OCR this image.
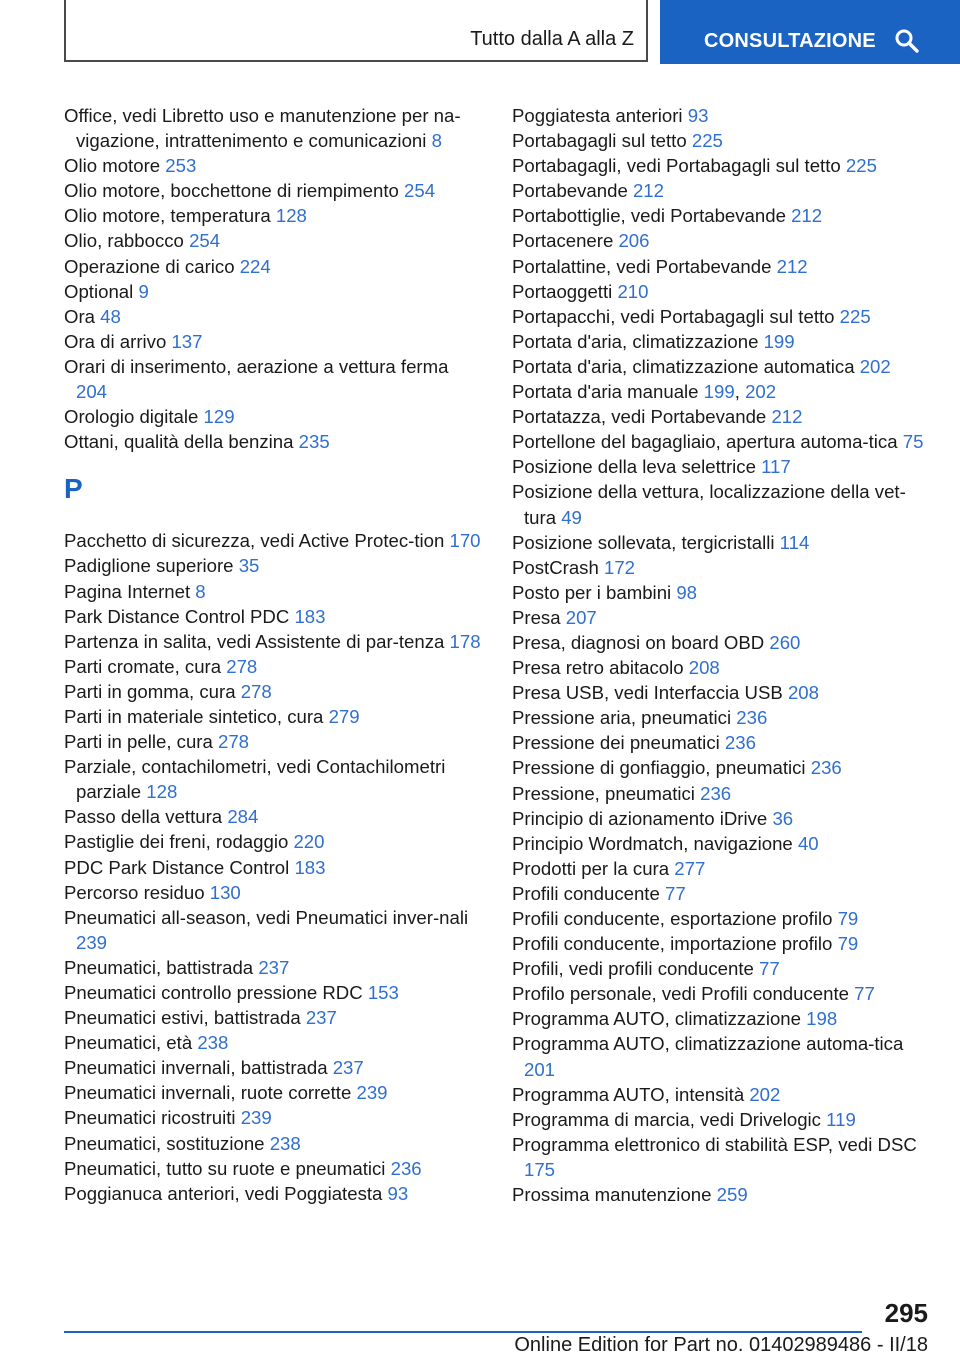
Tutto dalla A alla Z	CONSULTAZIONE

Office, vedi Libretto uso e manutenzione per na-vigazione, intrattenimento e comunicazioni 8

Olio motore 253

Olio motore, bocchettone di riempimento 254

Olio motore, temperatura 128

Olio, rabbocco 254

Operazione di carico 224

Optional 9

Ora 48

Ora di arrivo 137

Orari di inserimento, aerazione a vettura ferma 204

Orologio digitale 129

Ottani, qualità della benzina 235

P

Pacchetto di sicurezza, vedi Active Protec-tion 170

Padiglione superiore 35

Pagina Internet 8

Park Distance Control PDC 183

Partenza in salita, vedi Assistente di par-tenza 178

Parti cromate, cura 278

Parti in gomma, cura 278

Parti in materiale sintetico, cura 279

Parti in pelle, cura 278

Parziale, contachilometri, vedi Contachilometri parziale 128

Passo della vettura 284

Pastiglie dei freni, rodaggio 220

PDC Park Distance Control 183

Percorso residuo 130

Pneumatici all-season, vedi Pneumatici inver-nali 239

Pneumatici, battistrada 237

Pneumatici controllo pressione RDC 153

Pneumatici estivi, battistrada 237

Pneumatici, età 238

Pneumatici invernali, battistrada 237

Pneumatici invernali, ruote corrette 239

Pneumatici ricostruiti 239

Pneumatici, sostituzione 238

Pneumatici, tutto su ruote e pneumatici 236

Poggianuca anteriori, vedi Poggiatesta 93

Poggiatesta anteriori 93

Portabagagli sul tetto 225

Portabagagli, vedi Portabagagli sul tetto 225

Portabevande 212

Portabottiglie, vedi Portabevande 212

Portacenere 206

Portalattine, vedi Portabevande 212

Portaoggetti 210

Portapacchi, vedi Portabagagli sul tetto 225

Portata d'aria, climatizzazione 199

Portata d'aria, climatizzazione automatica 202

Portata d'aria manuale 199, 202

Portatazza, vedi Portabevande 212

Portellone del bagagliaio, apertura automa-tica 75

Posizione della leva selettrice 117

Posizione della vettura, localizzazione della vet-tura 49

Posizione sollevata, tergicristalli 114

PostCrash 172

Posto per i bambini 98

Presa 207

Presa, diagnosi on board OBD 260

Presa retro abitacolo 208

Presa USB, vedi Interfaccia USB 208

Pressione aria, pneumatici 236

Pressione dei pneumatici 236

Pressione di gonfiaggio, pneumatici 236

Pressione, pneumatici 236

Principio di azionamento iDrive 36

Principio Wordmatch, navigazione 40

Prodotti per la cura 277

Profili conducente 77

Profili conducente, esportazione profilo 79

Profili conducente, importazione profilo 79

Profili, vedi profili conducente 77

Profilo personale, vedi Profili conducente 77

Programma AUTO, climatizzazione 198

Programma AUTO, climatizzazione automa-tica 201

Programma AUTO, intensità 202

Programma di marcia, vedi Drivelogic 119

Programma elettronico di stabilità ESP, vedi DSC 175

Prossima manutenzione 259

295
Online Edition for Part no. 01402989486 - II/18
